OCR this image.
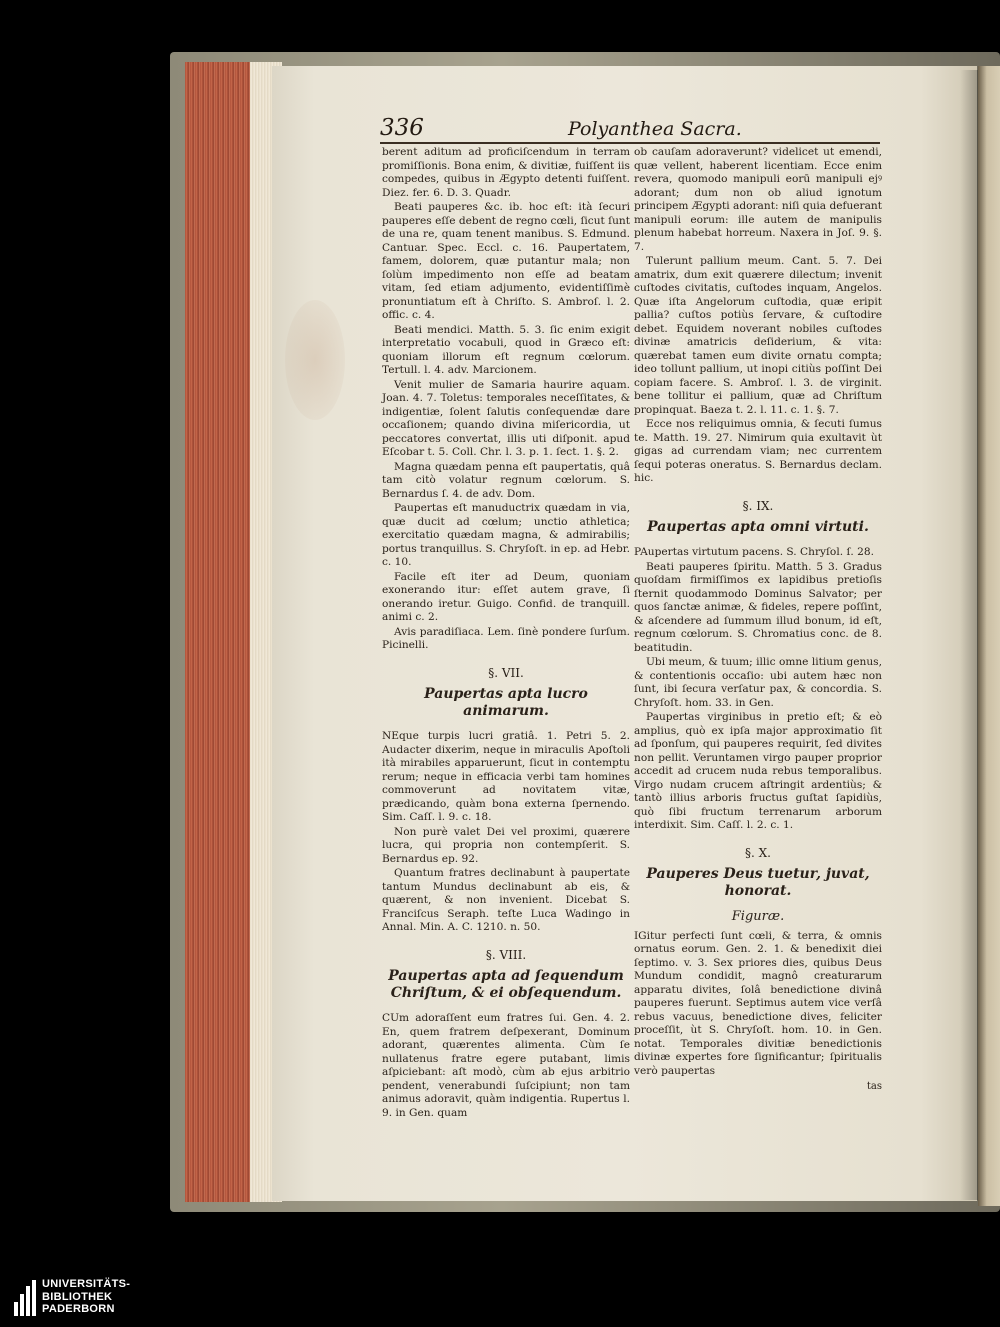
336	Polyanthea Sacra.

berent aditum ad proficiſcendum in terram promiſſionis. Bona enim, & divitiæ, fuiſſent iis compedes, quibus in Ægypto detenti fuiſſent. Diez. fer. 6. D. 3. Quadr.

Beati pauperes &c. ib. hoc eſt: ità ſecuri pauperes eſſe debent de regno cœli, ſicut ſunt de una re, quam tenent manibus. S. Edmund. Cantuar. Spec. Eccl. c. 16. Paupertatem, famem, dolorem, quæ putantur mala; non ſolùm impedimento non eſſe ad beatam vitam, ſed etiam adjumento, evidentiſſimè pronuntiatum eſt à Chriſto. S. Ambroſ. l. 2. offic. c. 4.

Beati mendici. Matth. 5. 3. ſic enim exigit interpretatio vocabuli, quod in Græco eſt: quoniam illorum eſt regnum cœlorum. Tertull. l. 4. adv. Marcionem.

Venit mulier de Samaria haurire aquam. Joan. 4. 7. Toletus: temporales neceſſitates, & indigentiæ, ſolent ſalutis conſequendæ dare occaſionem; quando divina miſericordia, ut peccatores convertat, illis uti diſponit. apud Eſcobar t. 5. Coll. Chr. l. 3. p. 1. ſect. 1. §. 2.

Magna quædam penna eſt paupertatis, quâ tam citò volatur regnum cœlorum. S. Bernardus ſ. 4. de adv. Dom.

Paupertas eſt manuductrix quædam in via, quæ ducit ad cœlum; unctio athletica; exercitatio quædam magna, & admirabilis; portus tranquillus. S. Chryſoſt. in ep. ad Hebr. c. 10.

Facile eſt iter ad Deum, quoniam exonerando itur: eſſet autem grave, ſi onerando iretur. Guigo. Confid. de tranquill. animi c. 2.

Avis paradiſiaca. Lem. ſinè pondere ſurſum. Picinelli.

§. VII.
Paupertas apta lucro animarum.

NEque turpis lucri gratiâ. 1. Petri 5. 2. Audacter dixerim, neque in miraculis Apoſtoli ità mirabiles apparuerunt, ſicut in contemptu rerum; neque in efficacia verbi tam homines commoverunt ad novitatem vitæ, prædicando, quàm bona externa ſpernendo. Sim. Caſſ. l. 9. c. 18.

Non purè valet Dei vel proximi, quærere lucra, qui propria non contempſerit. S. Bernardus ep. 92.

Quantum fratres declinabunt à paupertate tantum Mundus declinabunt ab eis, & quærent, & non invenient. Dicebat S. Franciſcus Seraph. teſte Luca Wadingo in Annal. Min. A. C. 1210. n. 50.

§. VIII.
Paupertas apta ad ſequendum Chriſtum, & ei obſequendum.

CUm adoraſſent eum fratres ſui. Gen. 4. 2. En, quem fratrem deſpexerant, Dominum adorant, quærentes alimenta. Cùm ſe nullatenus fratre egere putabant, limis aſpiciebant: aſt modò, cùm ab ejus arbitrio pendent, venerabundi ſuſcipiunt; non tam animus adoravit, quàm indigentia. Rupertus l. 9. in Gen. quam

ob cauſam adoraverunt? videlicet ut emendi, quæ vellent, haberent licentiam. Ecce enim revera, quomodo manipuli eorū manipuli ejꝰ adorant; dum non ob aliud ignotum principem Ægypti adorant: niſi quia defuerant manipuli eorum: ille autem de manipulis plenum habebat horreum. Naxera in Joſ. 9. §. 7.

Tulerunt pallium meum. Cant. 5. 7. Dei amatrix, dum exit quærere dilectum; invenit cuſtodes civitatis, cuſtodes inquam, Angelos. Quæ iſta Angelorum cuſtodia, quæ eripit pallia? cuſtos potiùs ſervare, & cuſtodire debet. Equidem noverant nobiles cuſtodes divinæ amatricis deſiderium, & vita: quærebat tamen eum divite ornatu compta; ideo tollunt pallium, ut inopi citiùs poſſint Dei copiam facere. S. Ambroſ. l. 3. de virginit. bene tollitur ei pallium, quæ ad Chriſtum propinquat. Baeza t. 2. l. 11. c. 1. §. 7.

Ecce nos reliquimus omnia, & ſecuti ſumus te. Matth. 19. 27. Nimirum quia exultavit ùt gigas ad currendam viam; nec currentem ſequi poteras oneratus. S. Bernardus declam. hic.

§. IX.
Paupertas apta omni virtuti.

PAupertas virtutum pacens. S. Chryſol. ſ. 28.

Beati pauperes ſpiritu. Matth. 5 3. Gradus quoſdam firmiſſimos ex lapidibus pretioſis ſternit quodammodo Dominus Salvator; per quos ſanctæ animæ, & fideles, repere poſſint, & aſcendere ad ſummum illud bonum, id eſt, regnum cœlorum. S. Chromatius conc. de 8. beatitudin.

Ubi meum, & tuum; illic omne litium genus, & contentionis occaſio: ubi autem hæc non ſunt, ibi ſecura verſatur pax, & concordia. S. Chryſoſt. hom. 33. in Gen.

Paupertas virginibus in pretio eſt; & eò amplius, quò ex ipſa major approximatio ſit ad ſponſum, qui pauperes requirit, ſed divites non pellit. Veruntamen virgo pauper proprior accedit ad crucem nuda rebus temporalibus. Virgo nudam crucem aſtringit ardentiùs; & tantò illius arboris fructus guſtat ſapidiùs, quò ſibi fructum terrenarum arborum interdixit. Sim. Caſſ. l. 2. c. 1.

§. X.
Pauperes Deus tuetur, juvat, honorat.
Figuræ.

IGitur perfecti ſunt cœli, & terra, & omnis ornatus eorum. Gen. 2. 1. & benedixit diei ſeptimo. v. 3. Sex priores dies, quibus Deus Mundum condidit, magnô creaturarum apparatu divites, ſolâ benedictione divinâ pauperes fuerunt. Septimus autem vice verſâ rebus vacuus, benedictione dives, feliciter proceſſit, ùt S. Chryſoſt. hom. 10. in Gen. notat. Temporales divitiæ benedictionis divinæ expertes fore ſignificantur; ſpiritualis verò paupertas

tas
UNIVERSITÄTS-
BIBLIOTHEK
PADERBORN
